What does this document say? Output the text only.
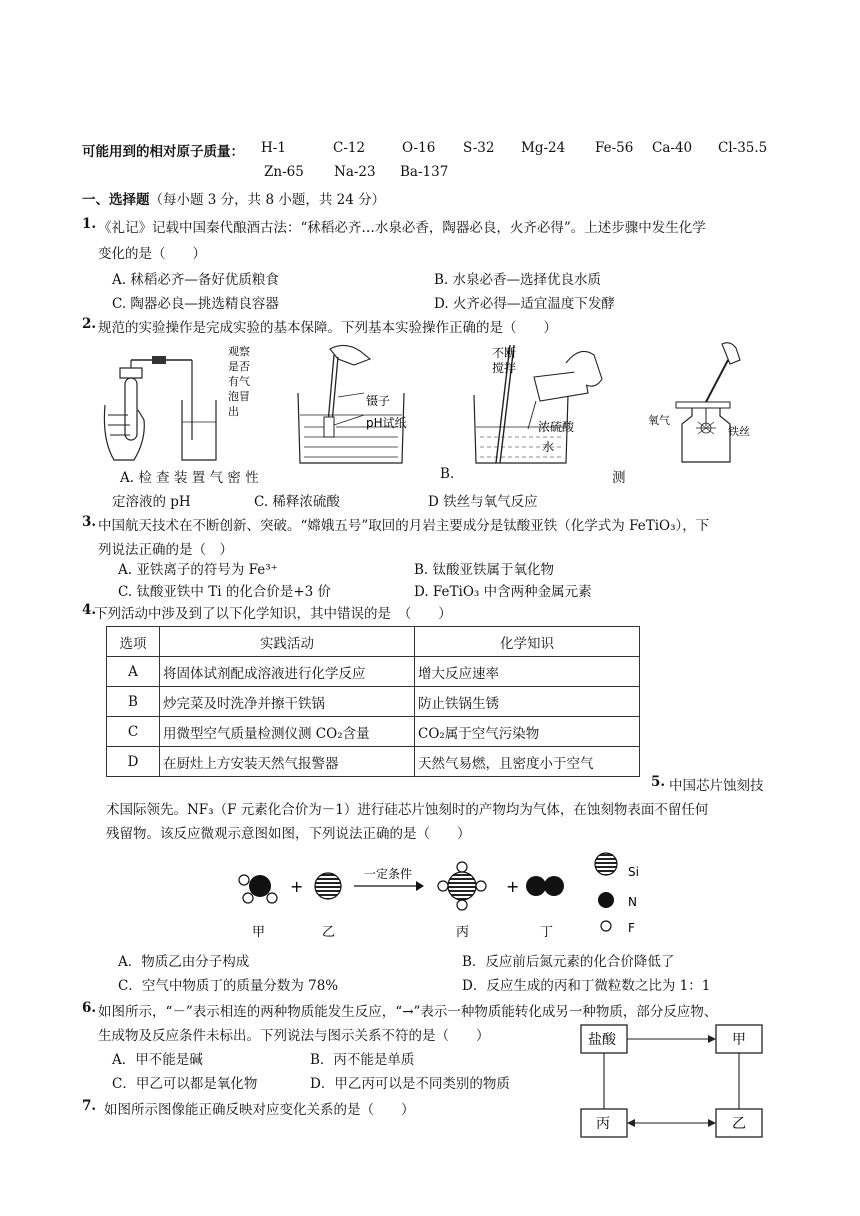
可能用到的相对原子质量： H-1	C-12	O-16 S-32 Mg-24 Fe-56 Ca-40 Cl-35.5
Zn-65 Na-23 Ba-137
一、选择题（每小题 3 分，共 8 小题，共 24 分）
1. 《礼记》记载中国秦代酿酒古法：“秫稻必齐…水泉必香，陶器必良，火齐必得”。上述步骤中发生化学
变化的是（　　）
A. 秫稻必齐—备好优质粮食	B. 水泉必香—选择优良水质
C. 陶器必良—挑选精良容器	D. 火齐必得—适宜温度下发酵
2. 规范的实验操作是完成实验的基本保障。下列基本实验操作正确的是（　　）
观察
是否
有气
泡冒
出
镊子
pH试纸
不断
搅拌
浓硫酸
水
氧气
铁丝
A. 检 查 装 置 气 密 性	B.	测
定溶液的 pH	C. 稀释浓硫酸	D 铁丝与氧气反应
3. 中国航天技术在不断创新、突破。“嫦娥五号”取回的月岩主要成分是钛酸亚铁（化学式为 FeTiO₃），下
列说法正确的是（　）
A. 亚铁离子的符号为 Fe³⁺	B. 钛酸亚铁属于氧化物
C. 钛酸亚铁中 Ti 的化合价是+3 价	D. FeTiO₃ 中含两种金属元素
4.
下列活动中涉及到了以下化学知识，其中错误的是　（　　）
选项	实践活动	化学知识
A	将固体试剂配成溶液进行化学反应	增大反应速率
B	炒完菜及时洗净并擦干铁锅	防止铁锅生锈
C	用微型空气质量检测仪测 CO₂含量	CO₂属于空气污染物
D	在厨灶上方安装天然气报警器	天然气易燃，且密度小于空气
5. 中国芯片蚀刻技
术国际领先。NF₃（F 元素化合价为－1）进行硅芯片蚀刻时的产物均为气体，在蚀刻物表面不留任何
残留物。该反应微观示意图如图，下列说法正确的是（　　）
+
一定条件
+
Si
N
F
甲	乙	丙	丁
A．物质乙由分子构成	B．反应前后氮元素的化合价降低了
C．空气中物质丁的质量分数为 78%	D．反应生成的丙和丁微粒数之比为 1：1
6. 如图所示，“－”表示相连的两种物质能发生反应，“→”表示一种物质能转化成另一种物质，部分反应物、
生成物及反应条件未标出。下列说法与图示关系不符的是（　　）
A．甲不能是碱	B．丙不能是单质
C．甲乙可以都是氧化物	D．甲乙丙可以是不同类别的物质
盐酸	甲
丙	乙
7. 如图所示图像能正确反映对应变化关系的是（　　）
